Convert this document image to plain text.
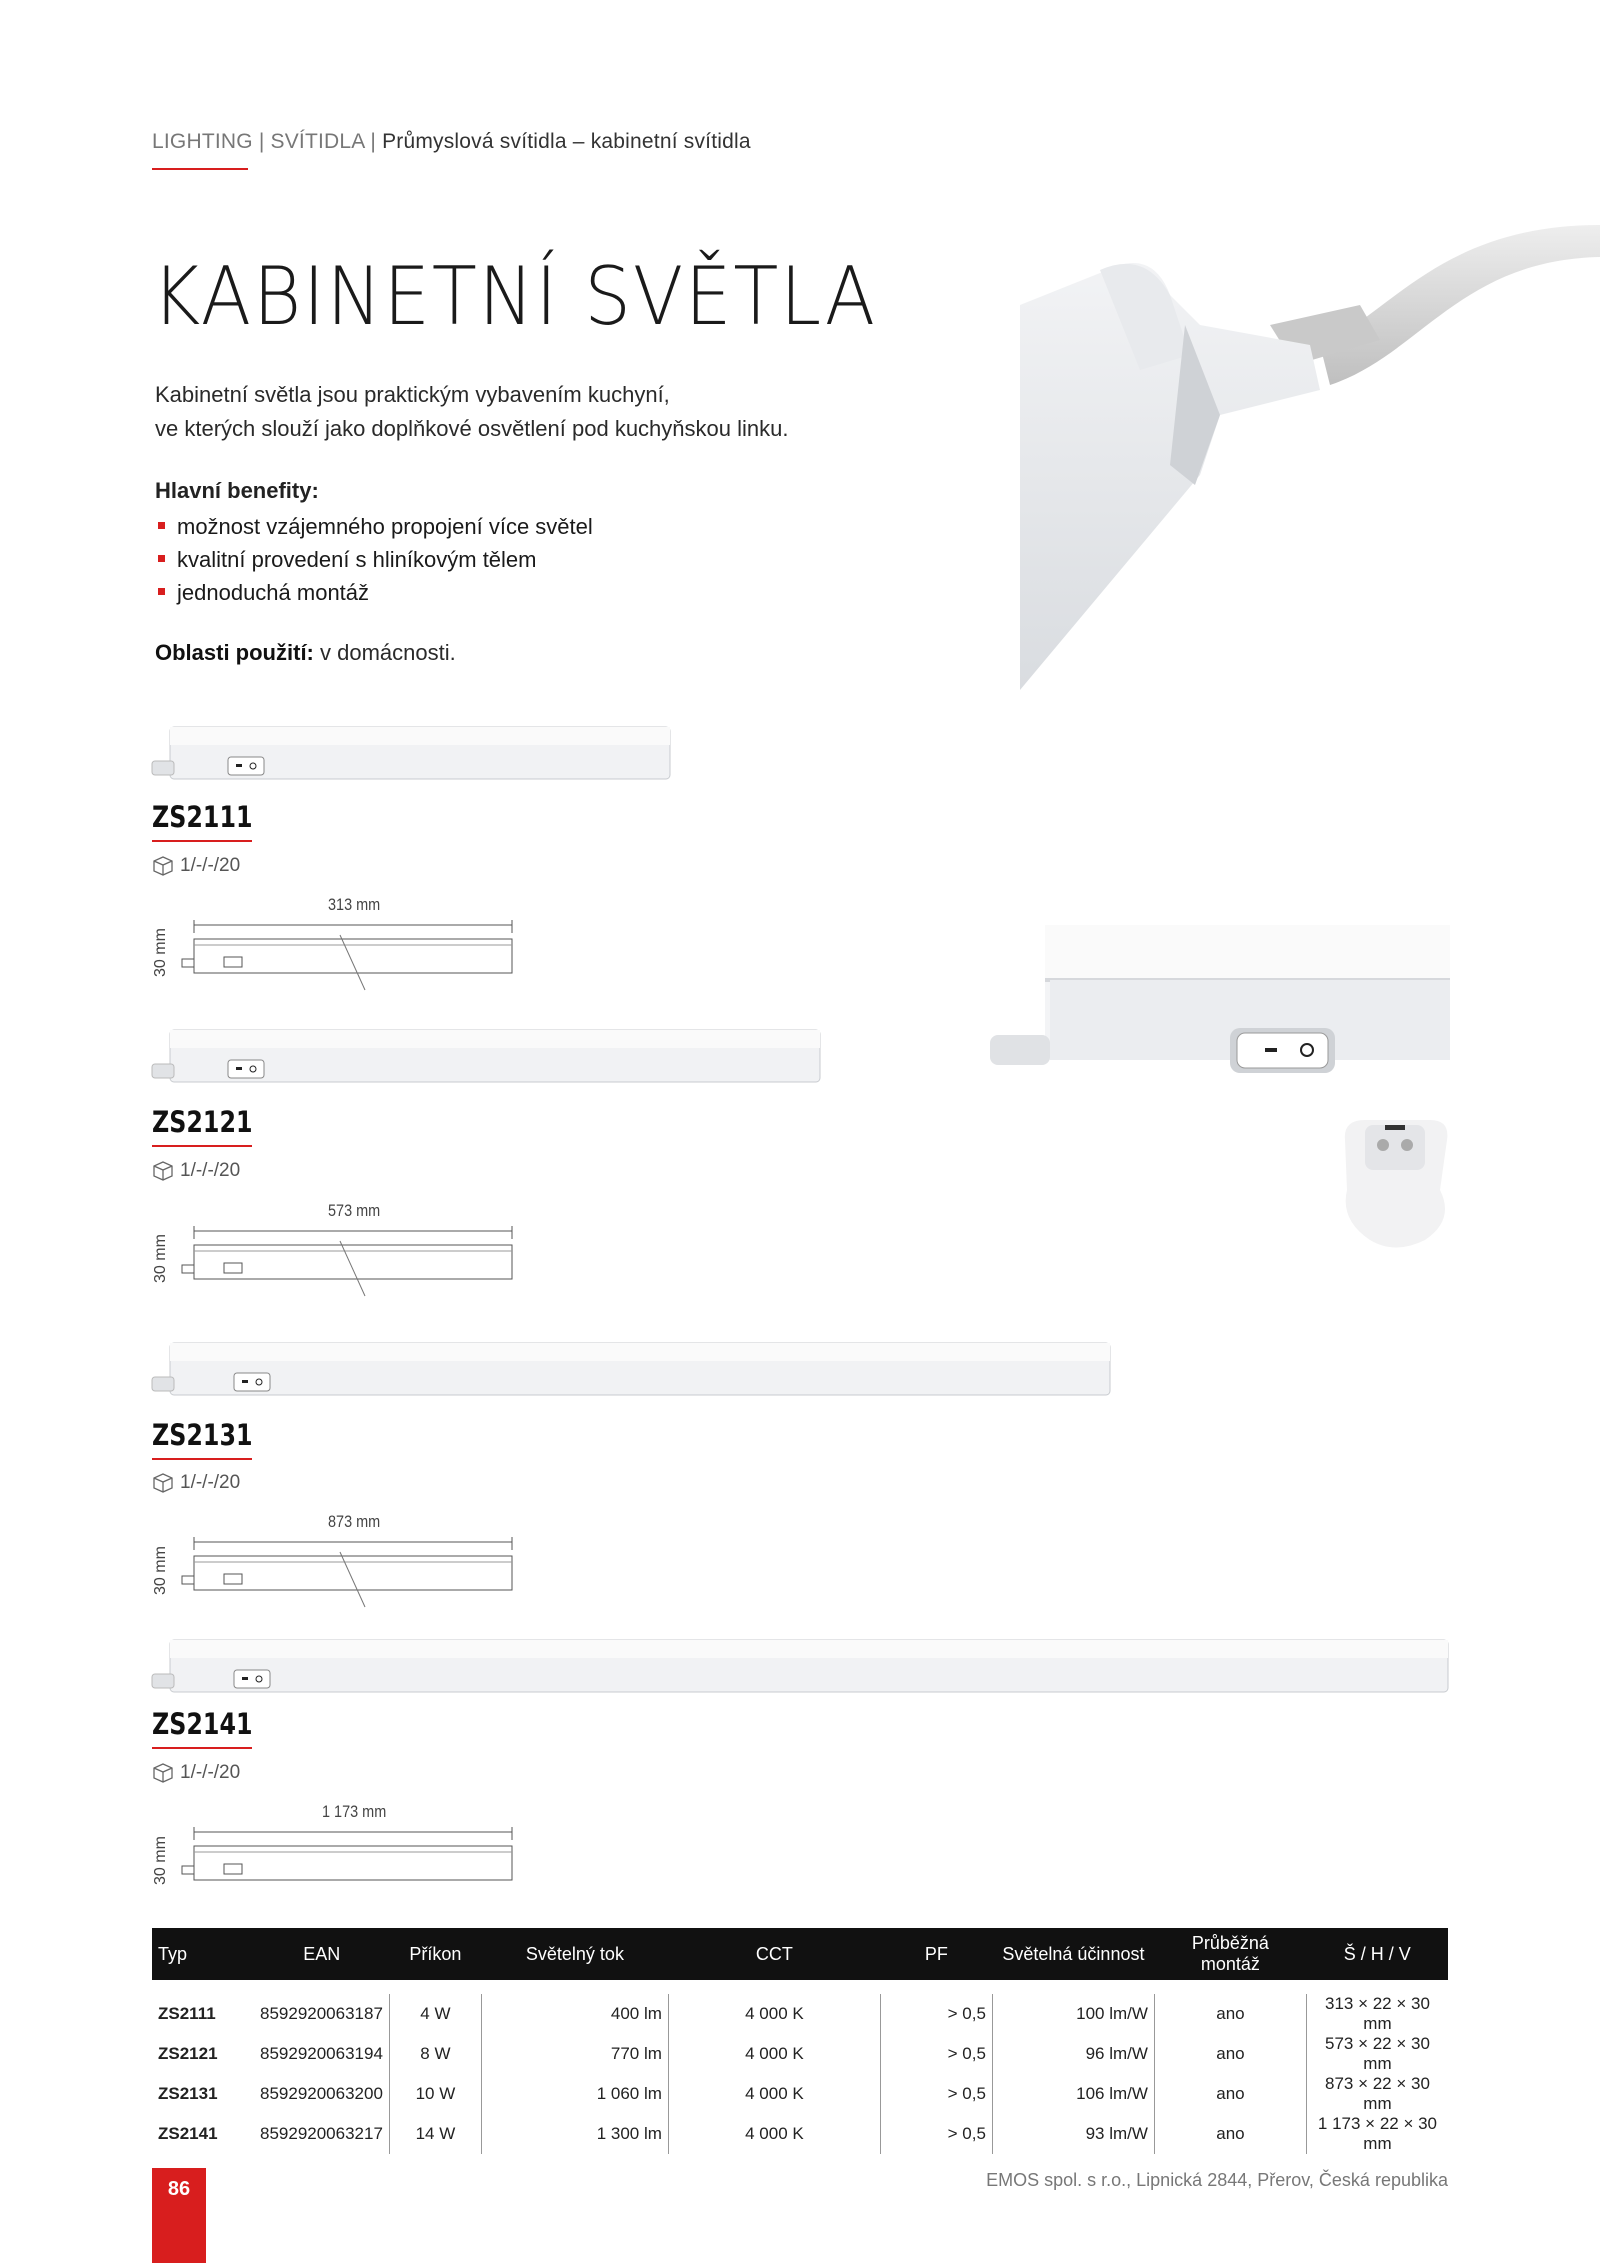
LIGHTING | SVÍTIDLA | Průmyslová svítidla – kabinetní svítidla
KABINETNÍ SVĚTLA
Kabinetní světla jsou praktickým vybavením kuchyní,
ve kterých slouží jako doplňkové osvětlení pod kuchyňskou linku.
Hlavní benefity:
možnost vzájemného propojení více světel
kvalitní provedení s hliníkovým tělem
jednoduchá montáž
Oblasti použití: v domácnosti.
ZS2111
1/-/-/20
313 mm
30 mm
ZS2121
1/-/-/20
573 mm
30 mm
ZS2131
1/-/-/20
873 mm
30 mm
ZS2141
1/-/-/20
1 173 mm
30 mm
Typ	EAN	Příkon	Světelný tok	CCT	PF	Světelná účinnost	Průběžná montáž	Š / H / V

ZS2111	8592920063187	4 W	400 lm	4 000 K	> 0,5	100 lm/W	ano	313 × 22 × 30 mm
ZS2121	8592920063194	8 W	770 lm	4 000 K	> 0,5	96 lm/W	ano	573 × 22 × 30 mm
ZS2131	8592920063200	10 W	1 060 lm	4 000 K	> 0,5	106 lm/W	ano	873 × 22 × 30 mm
ZS2141	8592920063217	14 W	1 300 lm	4 000 K	> 0,5	93 lm/W	ano	1 173 × 22 × 30 mm
86	EMOS spol. s r.o., Lipnická 2844, Přerov, Česká republika
